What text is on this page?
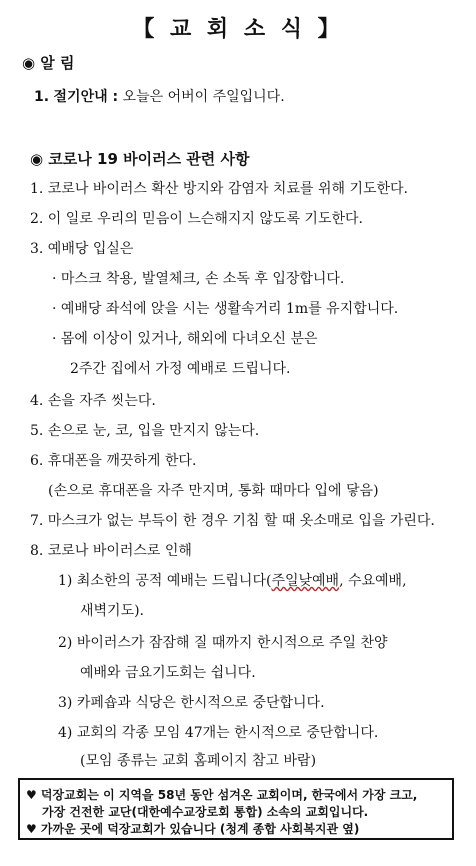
【 교 회 소 식 】
◉ 알 림
1. 절기안내 : 오늘은 어버이 주일입니다.
◉ 코로나 19 바이러스 관련 사항
1. 코로나 바이러스 확산 방지와 감염자 치료를 위해 기도한다.
2. 이 일로 우리의 믿음이 느슨해지지 않도록 기도한다.
3. 예배당 입실은
· 마스크 착용, 발열체크, 손 소독 후 입장합니다.
· 예배당 좌석에 앉을 시는 생활속거리 1m를 유지합니다.
· 몸에 이상이 있거나, 해외에 다녀오신 분은
2주간 집에서 가정 예배로 드립니다.
4. 손을 자주 씻는다.
5. 손으로 눈, 코, 입을 만지지 않는다.
6. 휴대폰을 깨끗하게 한다.
(손으로 휴대폰을 자주 만지며, 통화 때마다 입에 닿음)
7. 마스크가 없는 부득이 한 경우 기침 할 때 옷소매로 입을 가린다.
8. 코로나 바이러스로 인해
1) 최소한의 공적 예배는 드립니다(주일낮예배, 수요예배,
새벽기도).
2) 바이러스가 잠잠해 질 때까지 한시적으로 주일 찬양
예배와 금요기도회는 쉽니다.
3) 카페숍과 식당은 한시적으로 중단합니다.
4) 교회의 각종 모임 47개는 한시적으로 중단합니다.
(모임 종류는 교회 홈페이지 참고 바람)
♥ 덕장교회는 이 지역을 58년 동안 섬겨온 교회이며, 한국에서 가장 크고,
가장 건전한 교단(대한예수교장로회 통합) 소속의 교회입니다.
♥ 가까운 곳에 덕장교회가 있습니다 (청계 종합 사회복지관 옆)
